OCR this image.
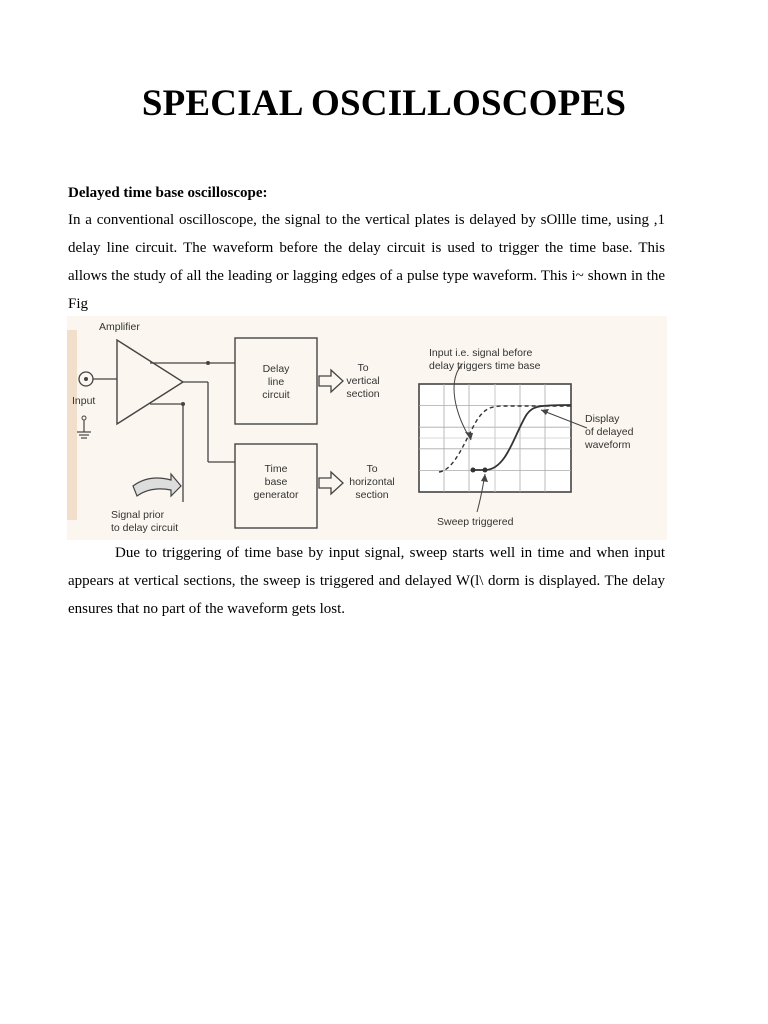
SPECIAL OSCILLOSCOPES
Delayed time base oscilloscope:
In a conventional oscilloscope, the signal to the vertical plates is delayed by sOllle time, using ,1 delay line circuit. The waveform before the delay circuit is used to trigger the time base. This allows the study of all the leading or lagging edges of a pulse type waveform. This i~ shown in the Fig
Amplifier
Input
Delay
line
circuit
Time
base
generator
To
vertical
section
To
horizontal
section
Signal prior
to delay circuit
Input i.e. signal before
delay triggers time base
Display
of delayed
waveform
Sweep triggered
Due to triggering of time base by input signal, sweep starts well in time and when input appears at vertical sections, the sweep is triggered and delayed W(l\ dorm is displayed. The delay ensures that no part of the waveform gets lost.
